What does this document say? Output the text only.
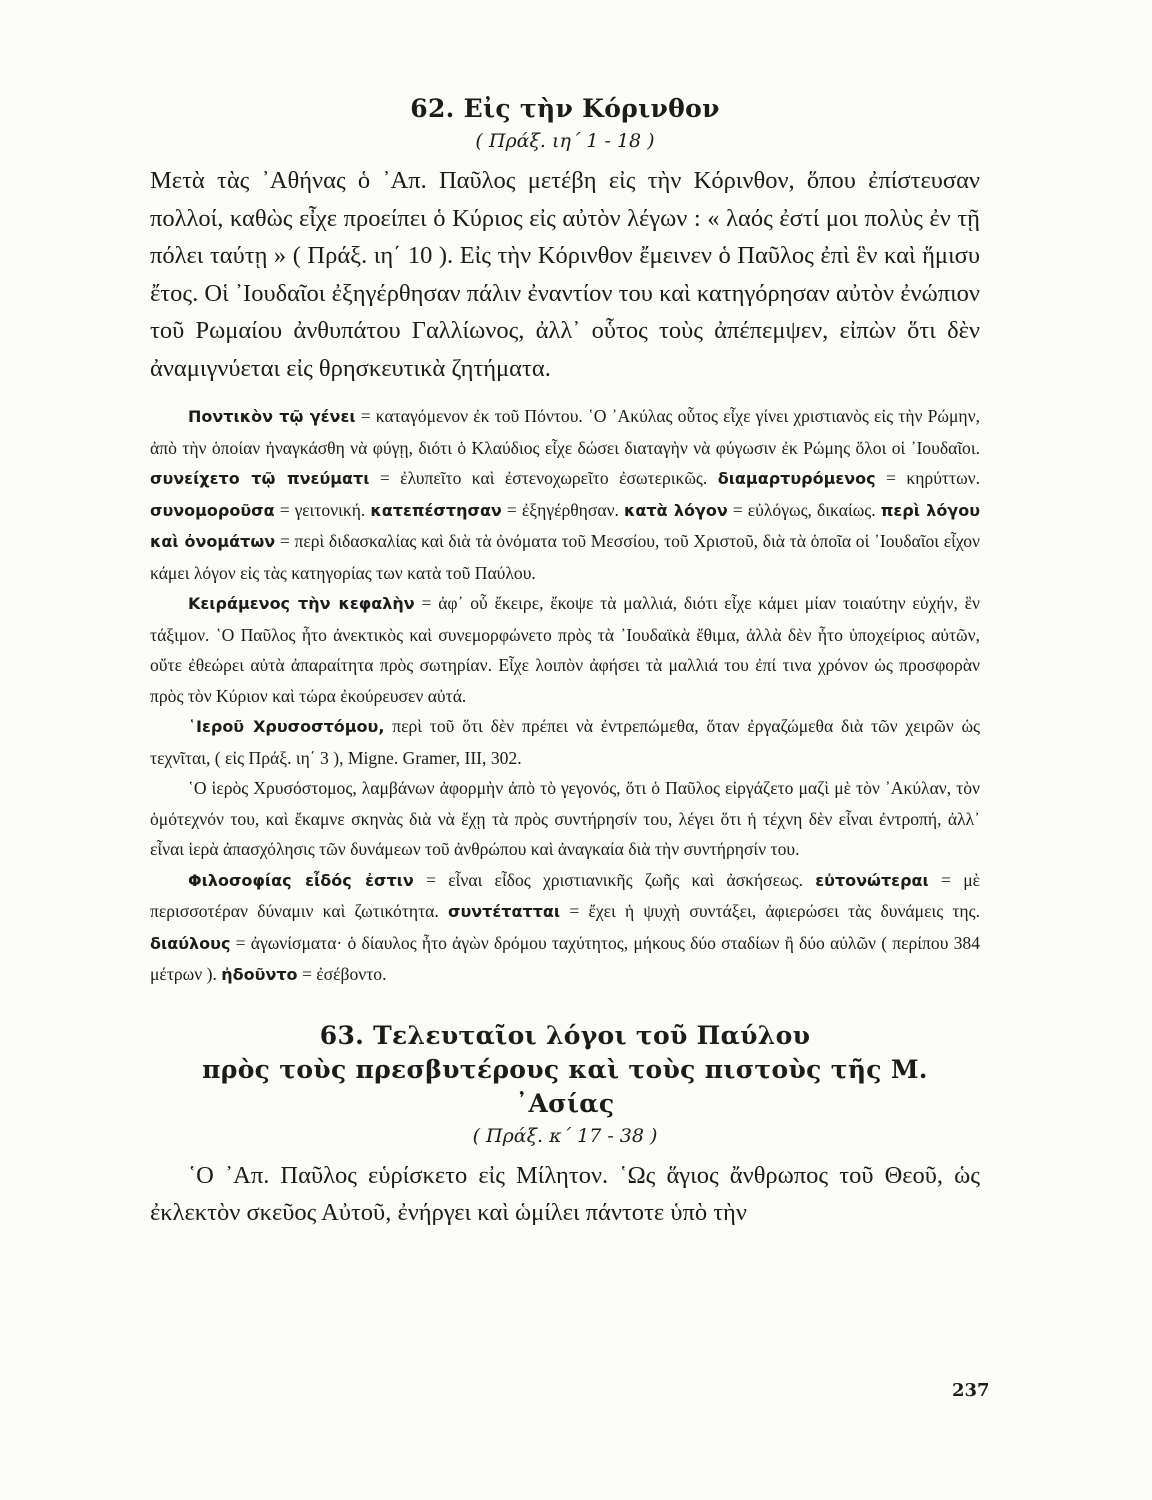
62. Εἰς τὴν Κόρινθον
( Πράξ. ιη΄ 1 - 18 )

Μετὰ τὰς ᾿Αθήνας ὁ ᾿Απ. Παῦλος μετέβη εἰς τὴν Κόρινθον, ὅπου ἐπίστευσαν πολλοί, καθὼς εἶχε προείπει ὁ Κύριος εἰς αὐτὸν λέγων : « λαός ἐστί μοι πολὺς ἐν τῇ πόλει ταύτῃ » ( Πράξ. ιη΄ 10 ). Εἰς τὴν Κόρινθον ἔμεινεν ὁ Παῦλος ἐπὶ ἓν καὶ ἥμισυ ἔτος. Οἱ ᾿Ιουδαῖοι ἐξηγέρθησαν πάλιν ἐναντίον του καὶ κατηγόρησαν αὐτὸν ἐνώπιον τοῦ Ρωμαίου ἀνθυπάτου Γαλλίωνος, ἀλλ᾿ οὗτος τοὺς ἀπέπεμψεν, εἰπὼν ὅτι δὲν ἀναμιγνύεται εἰς θρησκευτικὰ ζητήματα.

Ποντικὸν τῷ γένει = καταγόμενον ἐκ τοῦ Πόντου. ῾Ο ᾿Ακύλας οὗτος εἶχε γίνει χριστιανὸς εἰς τὴν Ρώμην, ἀπὸ τὴν ὁποίαν ἠναγκάσθη νὰ φύγῃ, διότι ὁ Κλαύδιος εἶχε δώσει διαταγὴν νὰ φύγωσιν ἐκ Ρώμης ὅλοι οἱ ᾿Ιουδαῖοι. συνείχετο τῷ πνεύματι = ἐλυπεῖτο καὶ ἐστενοχωρεῖτο ἐσωτερικῶς. διαμαρτυρόμενος = κηρύττων. συνομοροῦσα = γειτονική. κατεπέστησαν = ἐξηγέρθησαν. κατὰ λόγον = εὐλόγως, δικαίως. περὶ λόγου καὶ ὀνομάτων = περὶ διδασκαλίας καὶ διὰ τὰ ὀνόματα τοῦ Μεσσίου, τοῦ Χριστοῦ, διὰ τὰ ὁποῖα οἱ ᾿Ιουδαῖοι εἶχον κάμει λόγον εἰς τὰς κατηγορίας των κατὰ τοῦ Παύλου.

Κειράμενος τὴν κεφαλὴν = ἀφ᾿ οὗ ἔκειρε, ἔκοψε τὰ μαλλιά, διότι εἶχε κάμει μίαν τοιαύτην εὐχήν, ἓν τάξιμον. ῾Ο Παῦλος ἦτο ἀνεκτικὸς καὶ συνεμορφώνετο πρὸς τὰ ᾿Ιουδαϊκὰ ἔθιμα, ἀλλὰ δὲν ἦτο ὑποχείριος αὐτῶν, οὔτε ἐθεώρει αὐτὰ ἀπαραίτητα πρὸς σωτηρίαν. Εἶχε λοιπὸν ἀφήσει τὰ μαλλιά του ἐπί τινα χρόνον ὡς προσφορὰν πρὸς τὸν Κύριον καὶ τώρα ἐκούρευσεν αὐτά.

῾Ιεροῦ Χρυσοστόμου, περὶ τοῦ ὅτι δὲν πρέπει νὰ ἐντρεπώμεθα, ὅταν ἐργαζώμεθα διὰ τῶν χειρῶν ὡς τεχνῖται, ( εἰς Πράξ. ιη΄ 3 ), Migne. Gramer, III, 302.

῾Ο ἱερὸς Χρυσόστομος, λαμβάνων ἀφορμὴν ἀπὸ τὸ γεγονός, ὅτι ὁ Παῦλος εἰργάζετο μαζὶ μὲ τὸν ᾿Ακύλαν, τὸν ὁμότεχνόν του, καὶ ἔκαμνε σκηνὰς διὰ νὰ ἔχῃ τὰ πρὸς συντήρησίν του, λέγει ὅτι ἡ τέχνη δὲν εἶναι ἐντροπή, ἀλλ᾿ εἶναι ἱερὰ ἀπασχόλησις τῶν δυνάμεων τοῦ ἀνθρώπου καὶ ἀναγκαία διὰ τὴν συντήρησίν του.

Φιλοσοφίας εἶδός ἐστιν = εἶναι εἶδος χριστιανικῆς ζωῆς καὶ ἀσκήσεως. εὐτονώτεραι = μὲ περισσοτέραν δύναμιν καὶ ζωτικότητα. συντέτατται = ἔχει ἡ ψυχὴ συντάξει, ἀφιερώσει τὰς δυνάμεις της. διαύλους = ἀγωνίσματα· ὁ δίαυλος ἦτο ἀγὼν δρόμου ταχύτητος, μήκους δύο σταδίων ἢ δύο αὐλῶν ( περίπου 384 μέτρων ). ἠδοῦντο = ἐσέβοντο.

63. Τελευταῖοι λόγοι τοῦ Παύλου
πρὸς τοὺς πρεσβυτέρους καὶ τοὺς πιστοὺς τῆς Μ. ᾿Ασίας
( Πράξ. κ΄ 17 - 38 )

῾Ο ᾿Απ. Παῦλος εὑρίσκετο εἰς Μίλητον. ῾Ως ἅγιος ἄνθρωπος τοῦ Θεοῦ, ὡς ἐκλεκτὸν σκεῦος Αὐτοῦ, ἐνήργει καὶ ὡμίλει πάντοτε ὑπὸ τὴν

237
